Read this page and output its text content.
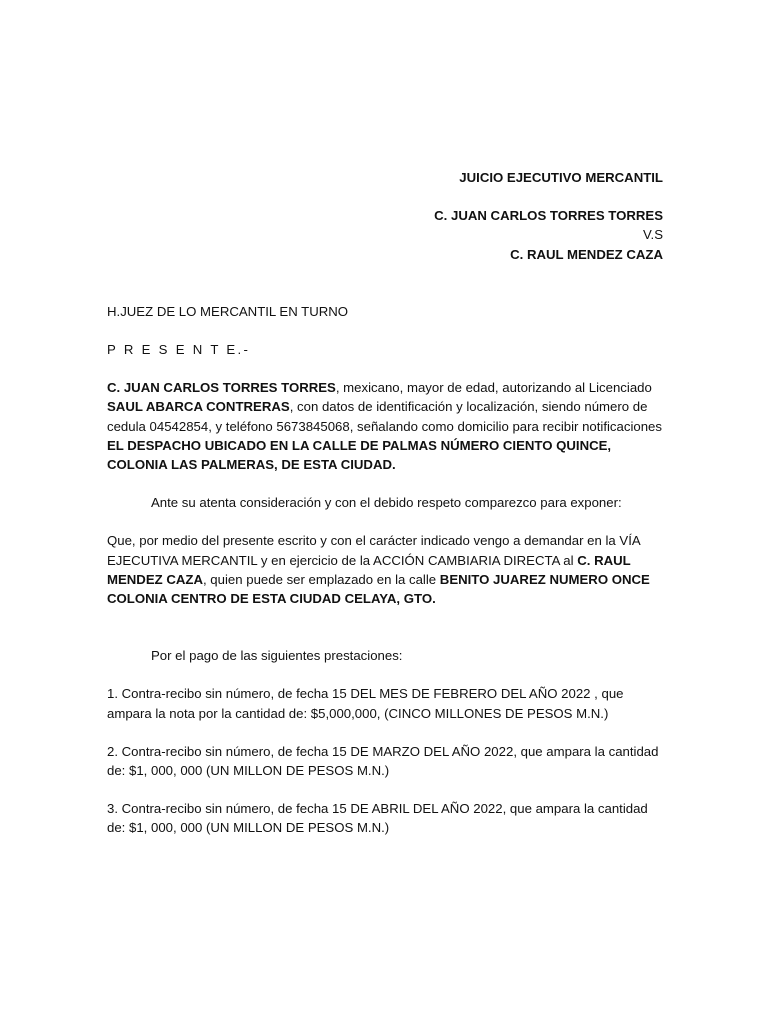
JUICIO EJECUTIVO MERCANTIL

C. JUAN CARLOS TORRES TORRES

V.S

C. RAUL MENDEZ CAZA

H.JUEZ DE LO MERCANTIL EN TURNO

P R E S E N T E.-

C. JUAN CARLOS TORRES TORRES, mexicano, mayor de edad, autorizando al Licenciado SAUL ABARCA CONTRERAS, con datos de identificación y localización, siendo número de cedula 04542854, y teléfono 5673845068, señalando como domicilio para recibir notificaciones EL DESPACHO UBICADO EN LA CALLE DE PALMAS NÚMERO CIENTO QUINCE, COLONIA LAS PALMERAS, DE ESTA CIUDAD.

Ante su atenta consideración y con el debido respeto comparezco para exponer:

Que, por medio del presente escrito y con el carácter indicado vengo a demandar en la VÍA EJECUTIVA MERCANTIL y en ejercicio de la ACCIÓN CAMBIARIA DIRECTA al C. RAUL MENDEZ CAZA, quien puede ser emplazado en la calle BENITO JUAREZ NUMERO ONCE COLONIA CENTRO DE ESTA CIUDAD CELAYA, GTO.

Por el pago de las siguientes prestaciones:

1. Contra-recibo sin número, de fecha 15 DEL MES DE FEBRERO DEL AÑO 2022 , que ampara la nota por la cantidad de: $5,000,000, (CINCO MILLONES DE PESOS M.N.)

2. Contra-recibo sin número, de fecha 15 DE MARZO DEL AÑO 2022, que ampara la cantidad de: $1, 000, 000 (UN MILLON DE PESOS M.N.)

3. Contra-recibo sin número, de fecha 15 DE ABRIL DEL AÑO 2022, que ampara la cantidad de: $1, 000, 000 (UN MILLON DE PESOS M.N.)
